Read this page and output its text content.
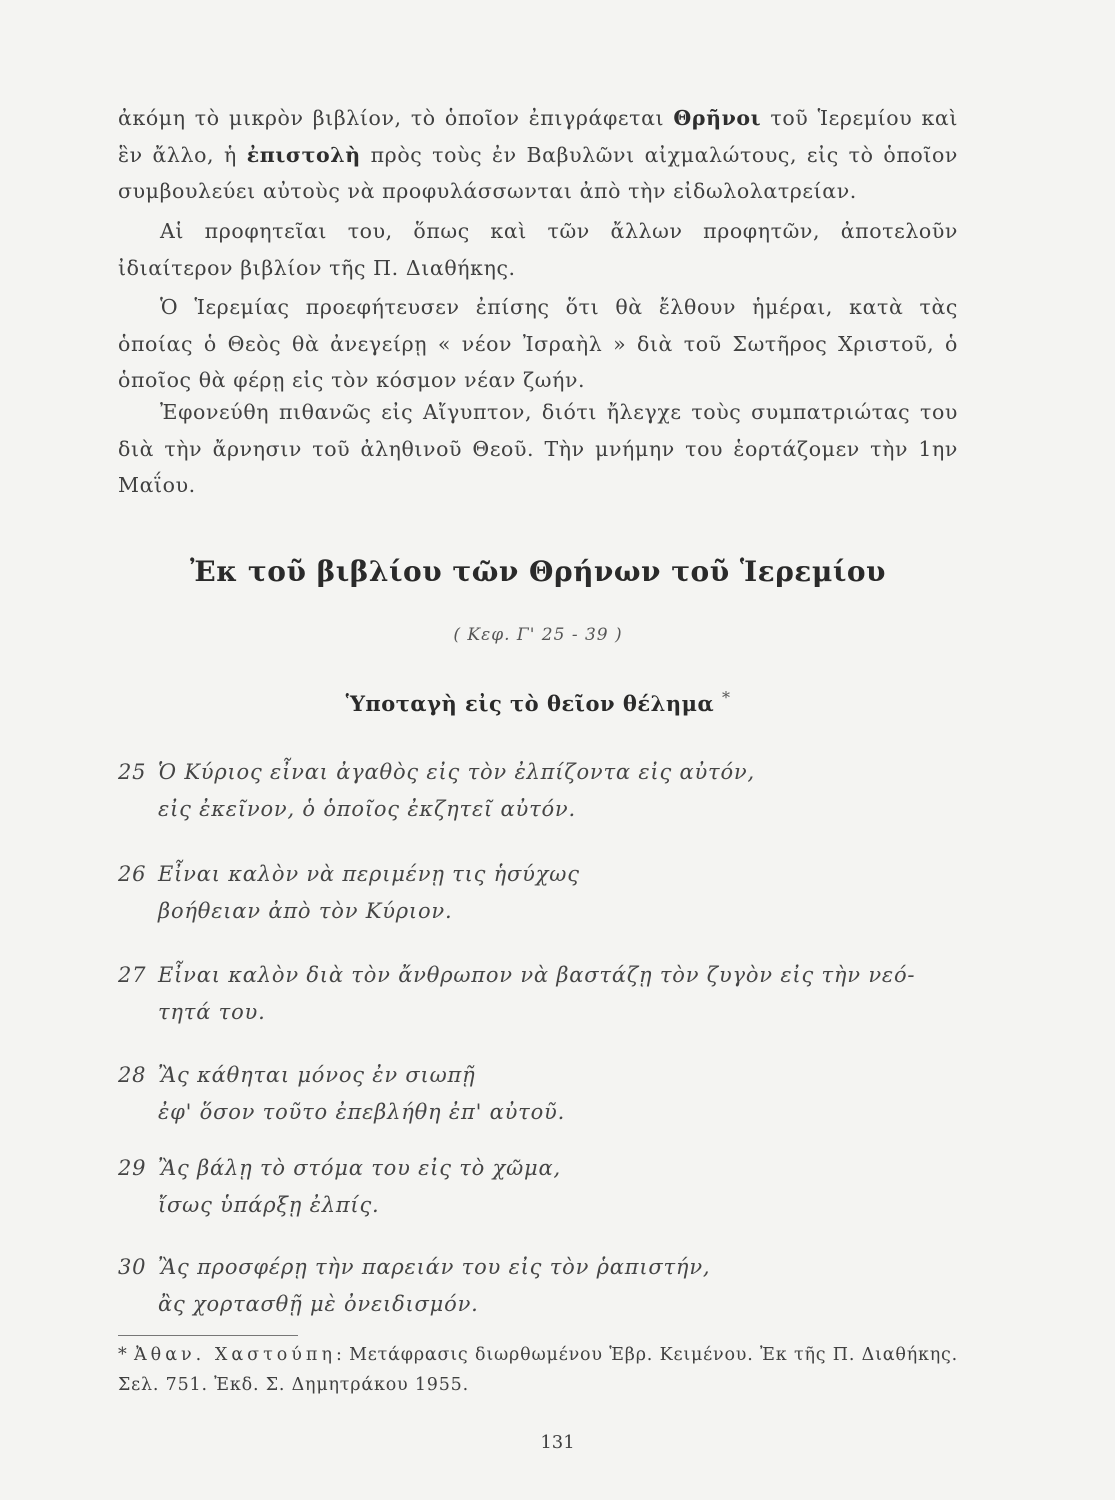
ἀκόμη τὸ μικρὸν βιβλίον, τὸ ὁποῖον ἐπιγράφεται Θρῆνοι τοῦ Ἱερεμίου καὶ ἓν ἄλλο, ἡ ἐπιστολὴ πρὸς τοὺς ἐν Βαβυλῶνι αἰχμαλώτους, εἰς τὸ ὁποῖον συμβουλεύει αὐτοὺς νὰ προφυλάσσωνται ἀπὸ τὴν εἰδωλολατρείαν.
Αἱ προφητεῖαι του, ὅπως καὶ τῶν ἄλλων προφητῶν, ἀποτελοῦν ἰδιαίτερον βιβλίον τῆς Π. Διαθήκης.
Ὁ Ἱερεμίας προεφήτευσεν ἐπίσης ὅτι θὰ ἔλθουν ἡμέραι, κατὰ τὰς ὁποίας ὁ Θεὸς θὰ ἀνεγείρῃ « νέον Ἰσραὴλ » διὰ τοῦ Σωτῆρος Χριστοῦ, ὁ ὁποῖος θὰ φέρῃ εἰς τὸν κόσμον νέαν ζωήν.
Ἐφονεύθη πιθανῶς εἰς Αἴγυπτον, διότι ἤλεγχε τοὺς συμπατριώτας του διὰ τὴν ἄρνησιν τοῦ ἀληθινοῦ Θεοῦ. Τὴν μνήμην του ἑορτάζομεν τὴν 1ην Μαΐου.
Ἐκ τοῦ βιβλίου τῶν Θρήνων τοῦ Ἱερεμίου
( Κεφ. Γ' 25 - 39 )
Ὑποταγὴ εἰς τὸ θεῖον θέλημα *
25 Ὁ Κύριος εἶναι ἀγαθὸς εἰς τὸν ἐλπίζοντα εἰς αὐτόν,
εἰς ἐκεῖνον, ὁ ὁποῖος ἐκζητεῖ αὐτόν.
26 Εἶναι καλὸν νὰ περιμένῃ τις ἡσύχως
βοήθειαν ἀπὸ τὸν Κύριον.
27 Εἶναι καλὸν διὰ τὸν ἄνθρωπον νὰ βαστάζῃ τὸν ζυγὸν εἰς τὴν νεό-
τητά του.
28 Ἂς κάθηται μόνος ἐν σιωπῇ
ἐφ' ὅσον τοῦτο ἐπεβλήθη ἐπ' αὐτοῦ.
29 Ἂς βάλῃ τὸ στόμα του εἰς τὸ χῶμα,
ἴσως ὑπάρξῃ ἐλπίς.
30 Ἂς προσφέρῃ τὴν παρειάν του εἰς τὸν ῥαπιστήν,
ἂς χορτασθῇ μὲ ὀνειδισμόν.
* Ἀθαν. Χαστούπη: Μετάφρασις διωρθωμένου Ἑβρ. Κειμένου. Ἐκ τῆς Π. Διαθήκης. Σελ. 751. Ἐκδ. Σ. Δημητράκου 1955.
131
